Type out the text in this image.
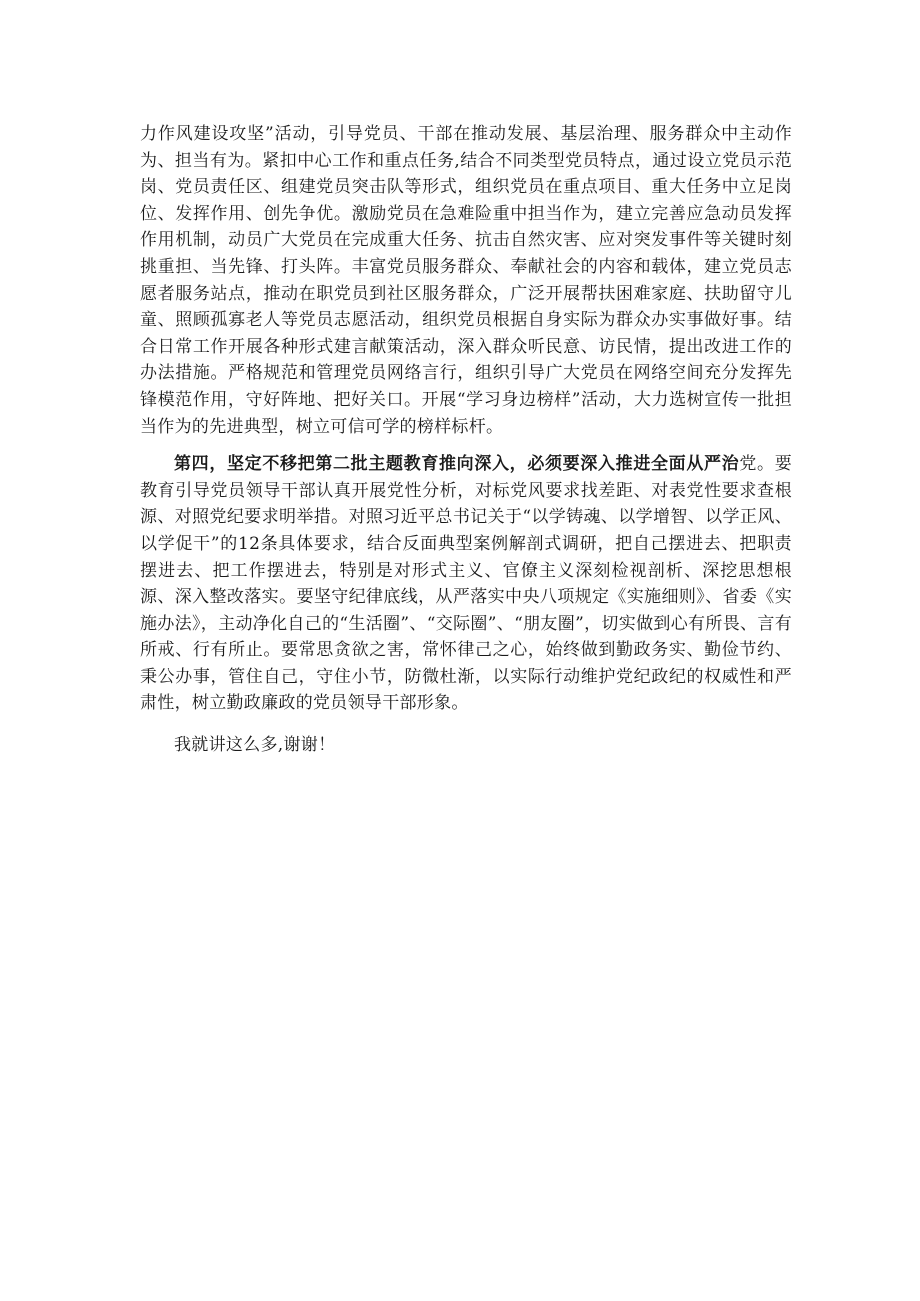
力作风建设攻坚”活动，引导党员、干部在推动发展、基层治理、服务群众中主动作为、担当有为。紧扣中心工作和重点任务,结合不同类型党员特点，通过设立党员示范岗、党员责任区、组建党员突击队等形式，组织党员在重点项目、重大任务中立足岗位、发挥作用、创先争优。激励党员在急难险重中担当作为，建立完善应急动员发挥作用机制，动员广大党员在完成重大任务、抗击自然灾害、应对突发事件等关键时刻挑重担、当先锋、打头阵。丰富党员服务群众、奉献社会的内容和载体，建立党员志愿者服务站点，推动在职党员到社区服务群众，广泛开展帮扶困难家庭、扶助留守儿童、照顾孤寡老人等党员志愿活动，组织党员根据自身实际为群众办实事做好事。结合日常工作开展各种形式建言献策活动，深入群众听民意、访民情，提出改进工作的办法措施。严格规范和管理党员网络言行，组织引导广大党员在网络空间充分发挥先锋模范作用，守好阵地、把好关口。开展“学习身边榜样”活动，大力选树宣传一批担当作为的先进典型，树立可信可学的榜样标杆。

第四，坚定不移把第二批主题教育推向深入，必须要深入推进全面从严治党。要教育引导党员领导干部认真开展党性分析，对标党风要求找差距、对表党性要求查根源、对照党纪要求明举措。对照习近平总书记关于“以学铸魂、以学增智、以学正风、以学促干”的12条具体要求，结合反面典型案例解剖式调研，把自己摆进去、把职责摆进去、把工作摆进去，特别是对形式主义、官僚主义深刻检视剖析、深挖思想根源、深入整改落实。要坚守纪律底线，从严落实中央八项规定《实施细则》、省委《实施办法》，主动净化自己的“生活圈”、“交际圈”、“朋友圈”，切实做到心有所畏、言有所戒、行有所止。要常思贪欲之害，常怀律己之心，始终做到勤政务实、勤俭节约、秉公办事，管住自己，守住小节，防微杜渐，以实际行动维护党纪政纪的权威性和严肃性，树立勤政廉政的党员领导干部形象。

我就讲这么多,谢谢！
